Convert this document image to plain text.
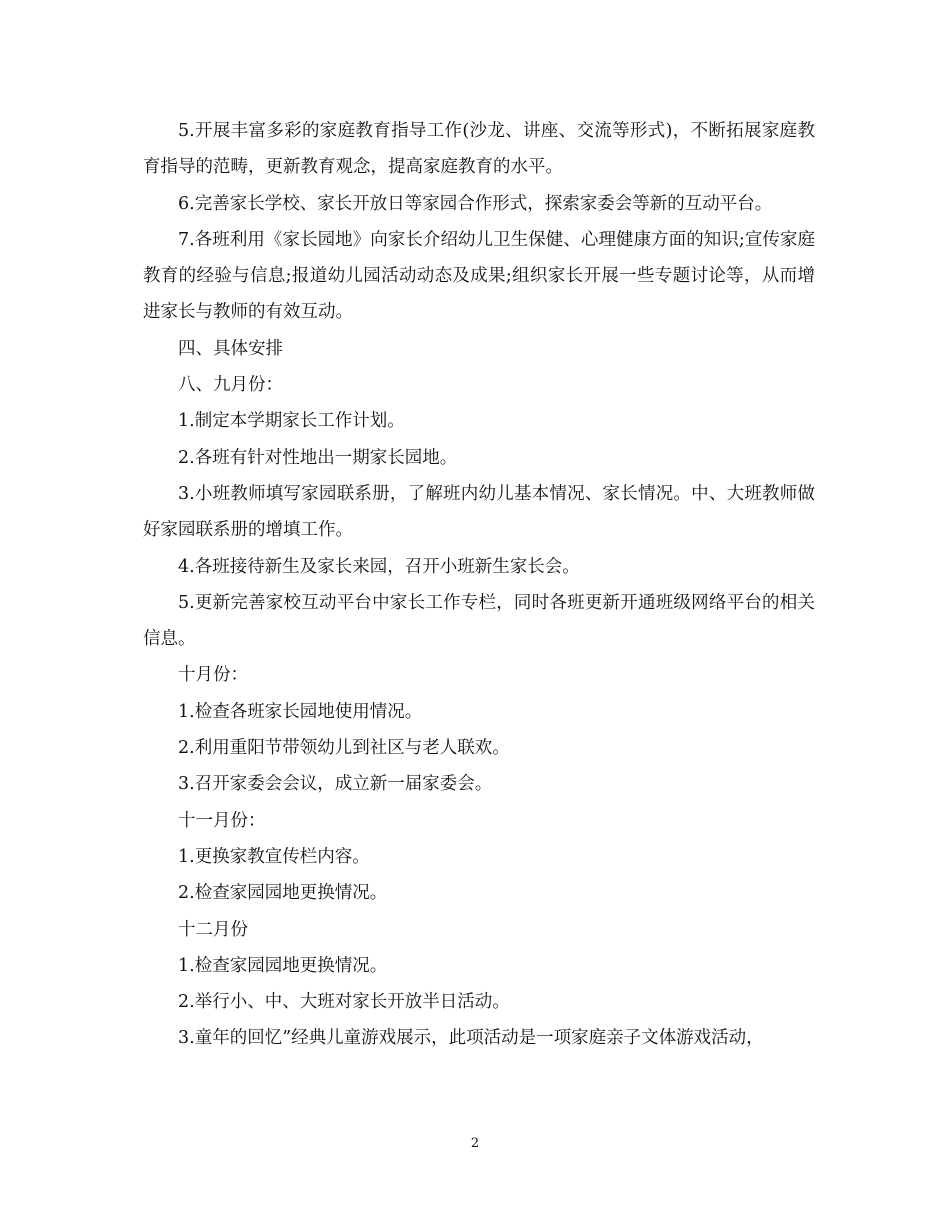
5.开展丰富多彩的家庭教育指导工作(沙龙、讲座、交流等形式)，不断拓展家庭教育指导的范畴，更新教育观念，提高家庭教育的水平。

6.完善家长学校、家长开放日等家园合作形式，探索家委会等新的互动平台。

7.各班利用《家长园地》向家长介绍幼儿卫生保健、心理健康方面的知识;宣传家庭教育的经验与信息;报道幼儿园活动动态及成果;组织家长开展一些专题讨论等，从而增进家长与教师的有效互动。

四、具体安排

八、九月份：

1.制定本学期家长工作计划。

2.各班有针对性地出一期家长园地。

3.小班教师填写家园联系册，了解班内幼儿基本情况、家长情况。中、大班教师做好家园联系册的增填工作。

4.各班接待新生及家长来园，召开小班新生家长会。

5.更新完善家校互动平台中家长工作专栏，同时各班更新开通班级网络平台的相关信息。

十月份：

1.检查各班家长园地使用情况。

2.利用重阳节带领幼儿到社区与老人联欢。

3.召开家委会会议，成立新一届家委会。

十一月份：

1.更换家教宣传栏内容。

2.检查家园园地更换情况。

十二月份

1.检查家园园地更换情况。

2.举行小、中、大班对家长开放半日活动。

3.童年的回忆”经典儿童游戏展示，此项活动是一项家庭亲子文体游戏活动，

2
